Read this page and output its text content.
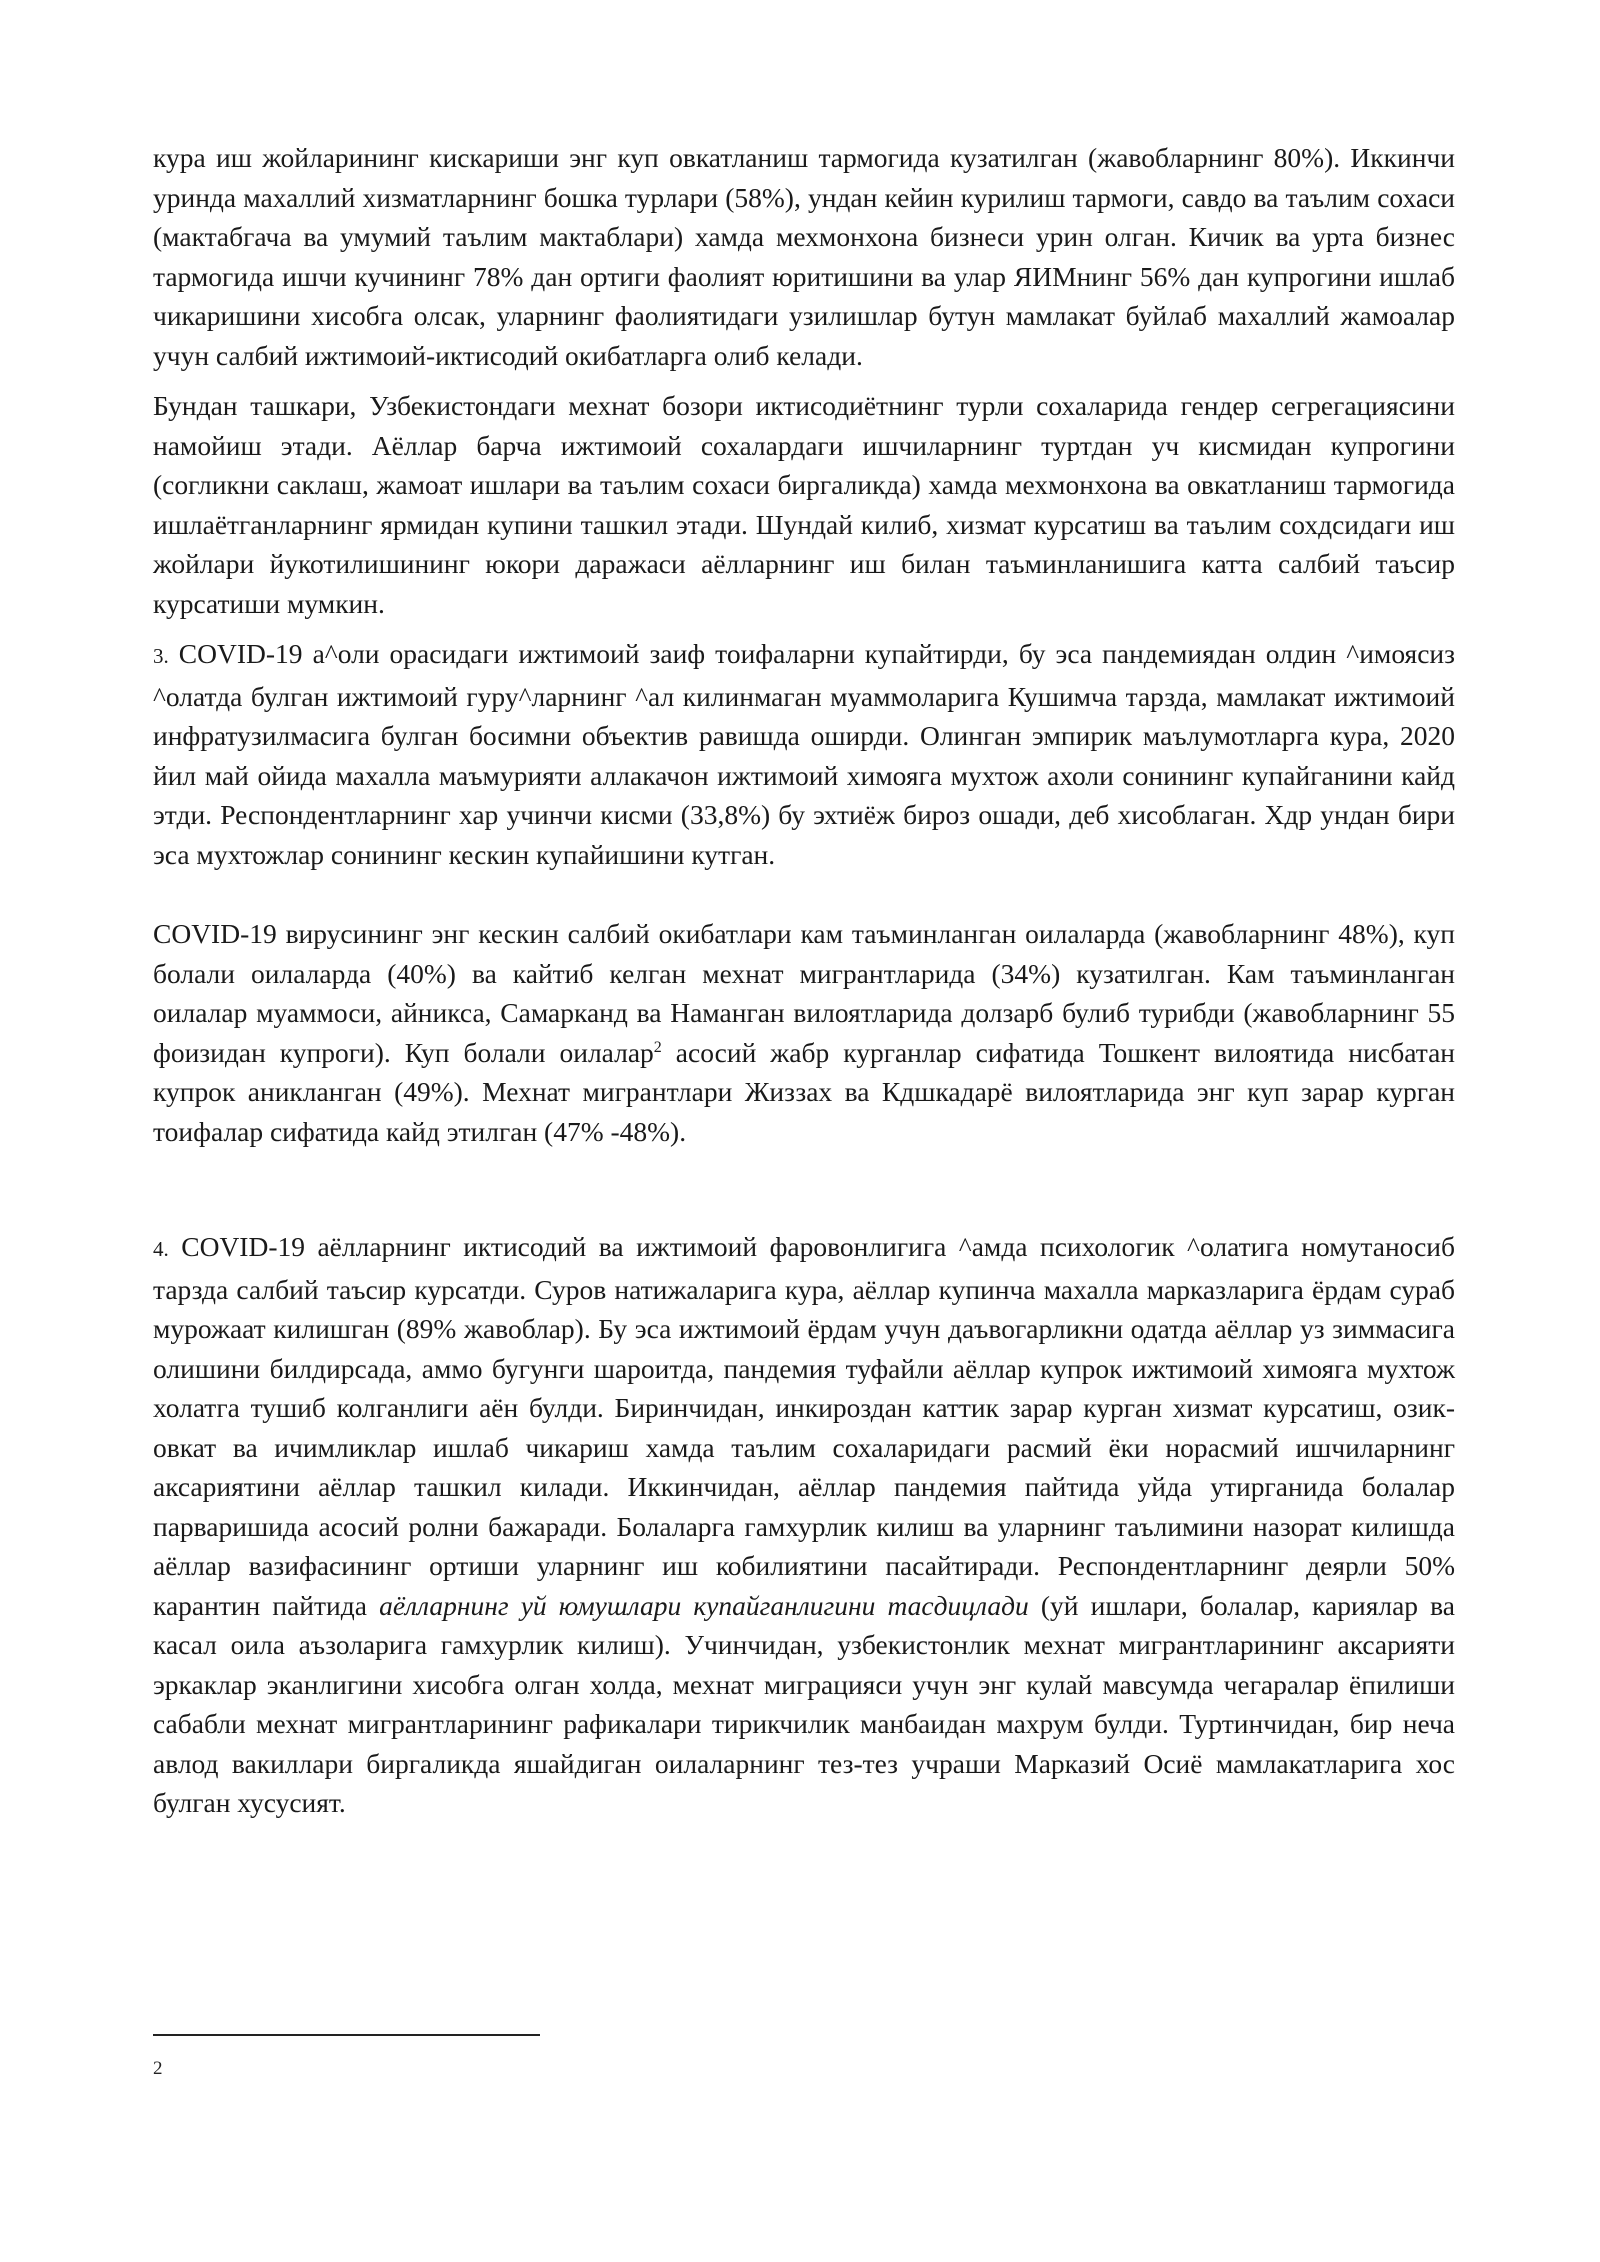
кура иш жойларининг кискариши энг куп овкатланиш тармогида кузатилган (жавобларнинг 80%). Иккинчи уринда махаллий хизматларнинг бошка турлари (58%), ундан кейин курилиш тармоги, савдо ва таълим сохаси (мактабгача ва умумий таълим мактаблари) хамда мехмонхона бизнеси урин олган. Кичик ва урта бизнес тармогида ишчи кучининг 78% дан ортиги фаолият юритишини ва улар ЯИМнинг 56% дан купрогини ишлаб чикаришини хисобга олсак, уларнинг фаолиятидаги узилишлар бутун мамлакат буйлаб махаллий жамоалар учун салбий ижтимоий-иктисодий окибатларга олиб келади.

Бундан ташкари, Узбекистондаги мехнат бозори иктисодиётнинг турли сохаларида гендер сегрегациясини намойиш этади. Аёллар барча ижтимоий сохалардаги ишчиларнинг туртдан уч кисмидан купрогини (согликни саклаш, жамоат ишлари ва таълим сохаси биргаликда) хамда мехмонхона ва овкатланиш тармогида ишлаётганларнинг ярмидан купини ташкил этади. Шундай килиб, хизмат курсатиш ва таълим сохдсидаги иш жойлари йукотилишининг юкори даражаси аёлларнинг иш билан таъминланишига катта салбий таъсир курсатиши мумкин.

3. COVID-19 а^оли орасидаги ижтимоий заиф тоифаларни купайтирди, бу эса пандемиядан олдин ^имоясиз ^олатда булган ижтимоий гуру^ларнинг ^ал килинмаган муаммоларига Кушимча тарзда, мамлакат ижтимоий инфратузилмасига булган босимни объектив равишда оширди. Олинган эмпирик маълумотларга кура, 2020 йил май ойида махалла маъмурияти аллакачон ижтимоий химояга мухтож ахоли сонининг купайганини кайд этди. Респондентларнинг хар учинчи кисми (33,8%) бу эхтиёж бироз ошади, деб хисоблаган. Хдр ундан бири эса мухтожлар сонининг кескин купайишини кутган.

COVID-19 вирусининг энг кескин салбий окибатлари кам таъминланган оилаларда (жавобларнинг 48%), куп болали оилаларда (40%) ва кайтиб келган мехнат мигрантларида (34%) кузатилган. Кам таъминланган оилалар муаммоси, айникса, Самарканд ва Наманган вилоятларида долзарб булиб турибди (жавобларнинг 55 фоизидан купроги). Куп болали оилалар$^2$ асосий жабр курганлар сифатида Тошкент вилоятида нисбатан купрок аникланган (49%). Мехнат мигрантлари Жиззах ва Кдшкадарё вилоятларида энг куп зарар курган тоифалар сифатида кайд этилган (47% -48%).

4. COVID-19 аёлларнинг иктисодий ва ижтимоий фаровонлигига ^амда психологик ^олатига номутаносиб тарзда салбий таъсир курсатди. Суров натижаларига кура, аёллар купинча махалла марказларига ёрдам сураб мурожаат килишган (89% жавоблар). Бу эса ижтимоий ёрдам учун даъвогарликни одатда аёллар уз зиммасига олишини билдирсада, аммо бугунги шароитда, пандемия туфайли аёллар купрок ижтимоий химояга мухтож холатга тушиб колганлиги аён булди. Биринчидан, инкироздан каттик зарар курган хизмат курсатиш, озик-овкат ва ичимликлар ишлаб чикариш хамда таълим сохаларидаги расмий ёки норасмий ишчиларнинг аксариятини аёллар ташкил килади. Иккинчидан, аёллар пандемия пайтида уйда утирганида болалар парваришида асосий ролни бажаради. Болаларга гамхурлик килиш ва уларнинг таълимини назорат килишда аёллар вазифасининг ортиши уларнинг иш кобилиятини пасайтиради. Респондентларнинг деярли 50% карантин пайтида аёлларнинг уй юмушлари купайганлигини тасдицлади (уй ишлари, болалар, кариялар ва касал оила аъзоларига гамхурлик килиш). Учинчидан, узбекистонлик мехнат мигрантларининг аксарияти эркаклар эканлигини хисобга олган холда, мехнат миграцияси учун энг кулай мавсумда чегаралар ёпилиши сабабли мехнат мигрантларининг рафикалари тирикчилик манбаидан махрум булди. Туртинчидан, бир неча авлод вакиллари биргаликда яшайдиган оилаларнинг тез-тез учраши Марказий Осиё мамлакатларига хос булган хусусият.

2
